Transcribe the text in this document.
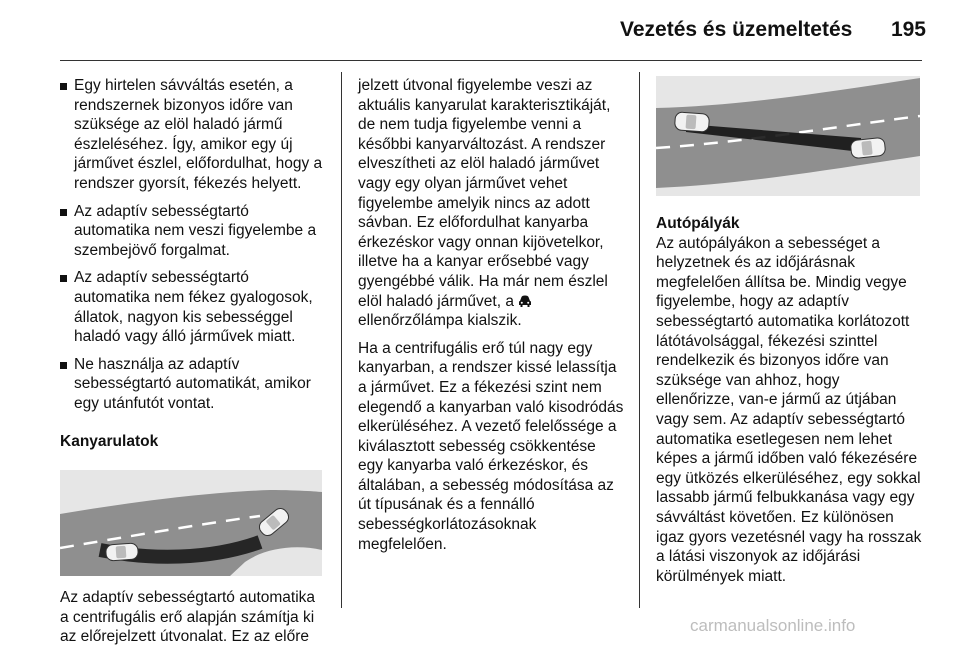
Vezetés és üzemeltetés	195
Egy hirtelen sávváltás esetén, a rendszernek bizonyos időre van szüksége az elöl haladó jármű észleléséhez. Így, amikor egy új járművet észlel, előfordulhat, hogy a rendszer gyorsít, fékezés helyett.
Az adaptív sebességtartó automatika nem veszi figyelembe a szembejövő forgalmat.
Az adaptív sebességtartó automatika nem fékez gyalogosok, állatok, nagyon kis sebességgel haladó vagy álló járművek miatt.
Ne használja az adaptív sebességtartó automatikát, amikor egy utánfutót vontat.
Kanyarulatok

Az adaptív sebességtartó automatika a centrifugális erő alapján számítja ki az előrejelzett útvonalat. Ez az előre

jelzett útvonal figyelembe veszi az aktuális kanyarulat karakterisztikáját, de nem tudja figyelembe venni a későbbi kanyarváltozást. A rendszer elveszítheti az elöl haladó járművet vagy egy olyan járművet vehet figyelembe amelyik nincs az adott sávban. Ez előfordulhat kanyarba érkezéskor vagy onnan kijövetelkor, illetve ha a kanyar erősebbé vagy gyengébbé válik. Ha már nem észlel elöl haladó járművet, a  ellenőrzőlámpa kialszik.

Ha a centrifugális erő túl nagy egy kanyarban, a rendszer kissé lelassítja a járművet. Ez a fékezési szint nem elegendő a kanyarban való kisodródás elkerüléséhez. A vezető felelőssége a kiválasztott sebesség csökkentése egy kanyarba való érkezéskor, és általában, a sebesség módosítása az út típusának és a fennálló sebességkorlátozásoknak megfelelően.

Autópályák

Az autópályákon a sebességet a helyzetnek és az időjárásnak megfelelően állítsa be. Mindig vegye figyelembe, hogy az adaptív sebességtartó automatika korlátozott látótávolsággal, fékezési szinttel rendelkezik és bizonyos időre van szüksége van ahhoz, hogy ellenőrizze, van-e jármű az útjában vagy sem. Az adaptív sebességtartó automatika esetlegesen nem lehet képes a jármű időben való fékezésére egy ütközés elkerüléséhez, egy sokkal lassabb jármű felbukkanása vagy egy sávváltást követően. Ez különösen igaz gyors vezetésnél vagy ha rosszak a látási viszonyok az időjárási körülmények miatt.

carmanualsonline.info
